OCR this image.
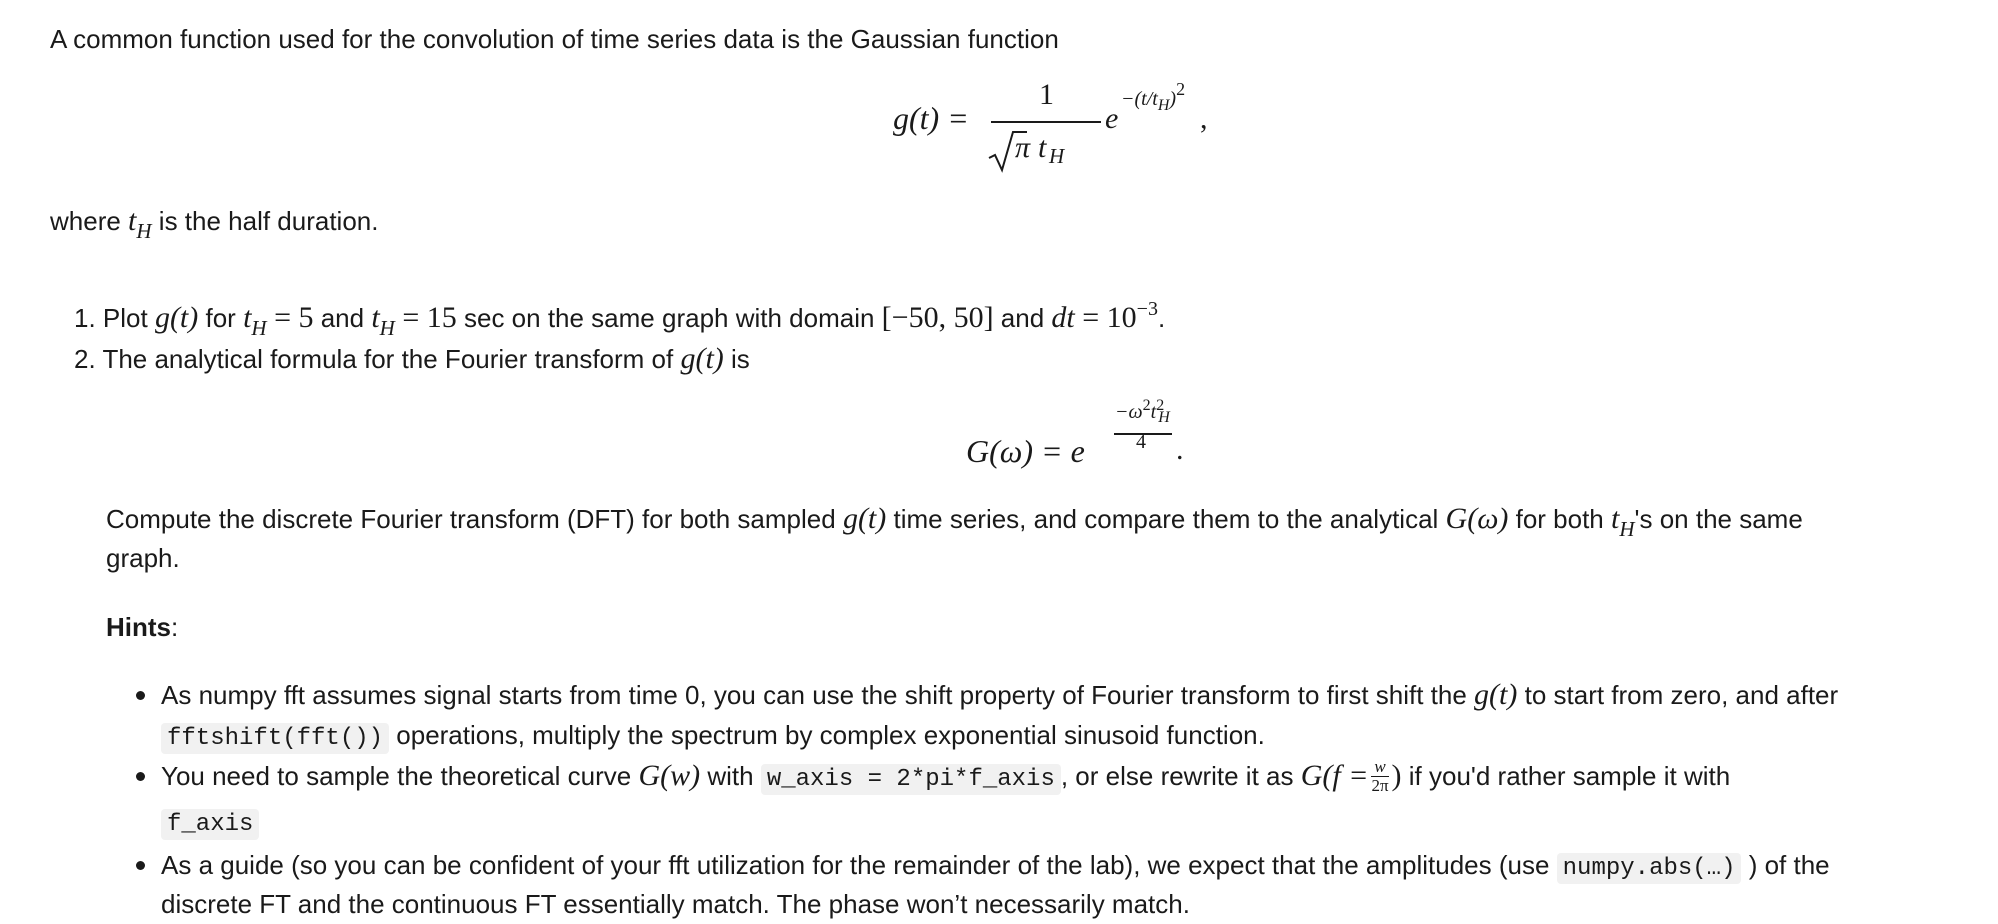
A common function used for the convolution of time series data is the Gaussian function
g(t) =
1
π t H
e
$-(t/t_H)2$
,
where $t_H$ is the half duration.
1. Plot g(t) for $t_H = 5$ and $t_H = 15$ sec on the same graph with domain [−50, 50] and dt = $10^{-3}$.
2. The analytical formula for the Fourier transform of g(t) is
G(ω) = e
$-\omega^2t^2_H$
4 .
Compute the discrete Fourier transform (DFT) for both sampled g(t) time series, and compare them to the analytical G(ω) for both $t_H's$ on the same
graph.
Hints:
As numpy fft assumes signal starts from time 0, you can use the shift property of Fourier transform to first shift the g(t) to start from zero, and after
fftshift(fft()) operations, multiply the spectrum by complex exponential sinusoid function.
You need to sample the theoretical curve G(w) with w_axis = 2*pi*f_axis , or else rewrite it as $G(f = \frac{w}{2\pi}$ ) if you'd rather sample it with
f_axis
As a guide (so you can be confident of your fft utilization for the remainder of the lab), we expect that the amplitudes (use numpy.abs(…) ) of the
discrete FT and the continuous FT essentially match. The phase won’t necessarily match.
